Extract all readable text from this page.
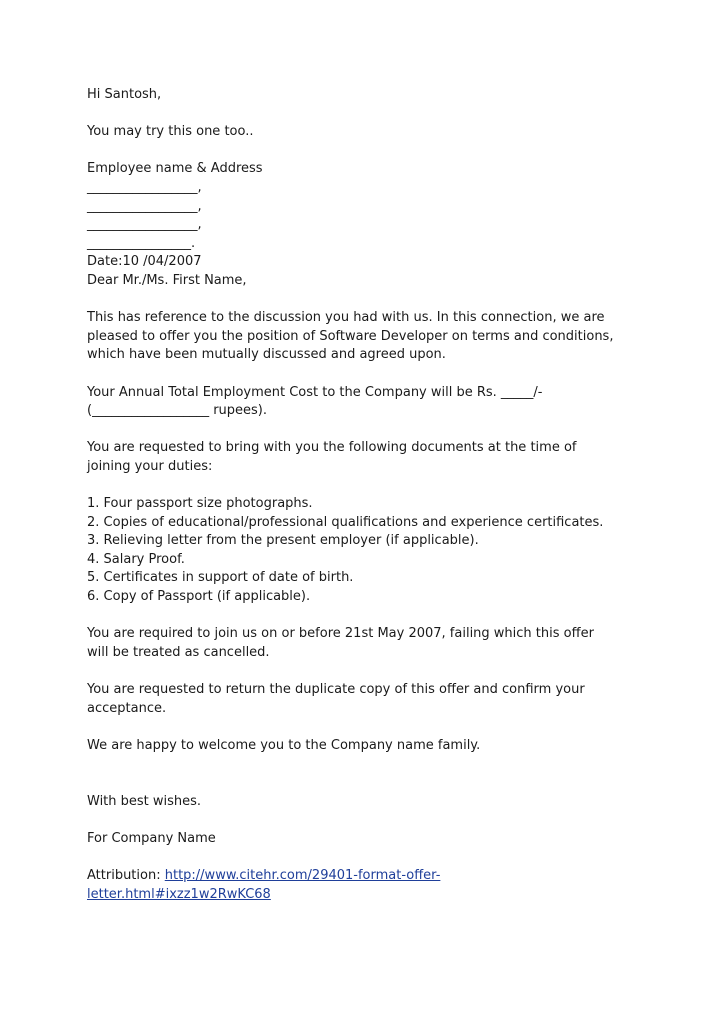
Hi Santosh,

You may try this one too..

Employee name & Address

_________________,

_________________,

_________________,

________________.

Date:10 /04/2007

Dear Mr./Ms. First Name,

This has reference to the discussion you had with us. In this connection, we are

pleased to offer you the position of Software Developer on terms and conditions,

which have been mutually discussed and agreed upon.

Your Annual Total Employment Cost to the Company will be Rs. _____/-

(__________________ rupees).

You are requested to bring with you the following documents at the time of

joining your duties:

1. Four passport size photographs.

2. Copies of educational/professional qualifications and experience certificates.

3. Relieving letter from the present employer (if applicable).

4. Salary Proof.

5. Certificates in support of date of birth.

6. Copy of Passport (if applicable).

You are required to join us on or before 21st May 2007, failing which this offer

will be treated as cancelled.

You are requested to return the duplicate copy of this offer and confirm your

acceptance.

We are happy to welcome you to the Company name family.

With best wishes.

For Company Name

Attribution: http://www.citehr.com/29401-format-offer-

letter.html#ixzz1w2RwKC68
